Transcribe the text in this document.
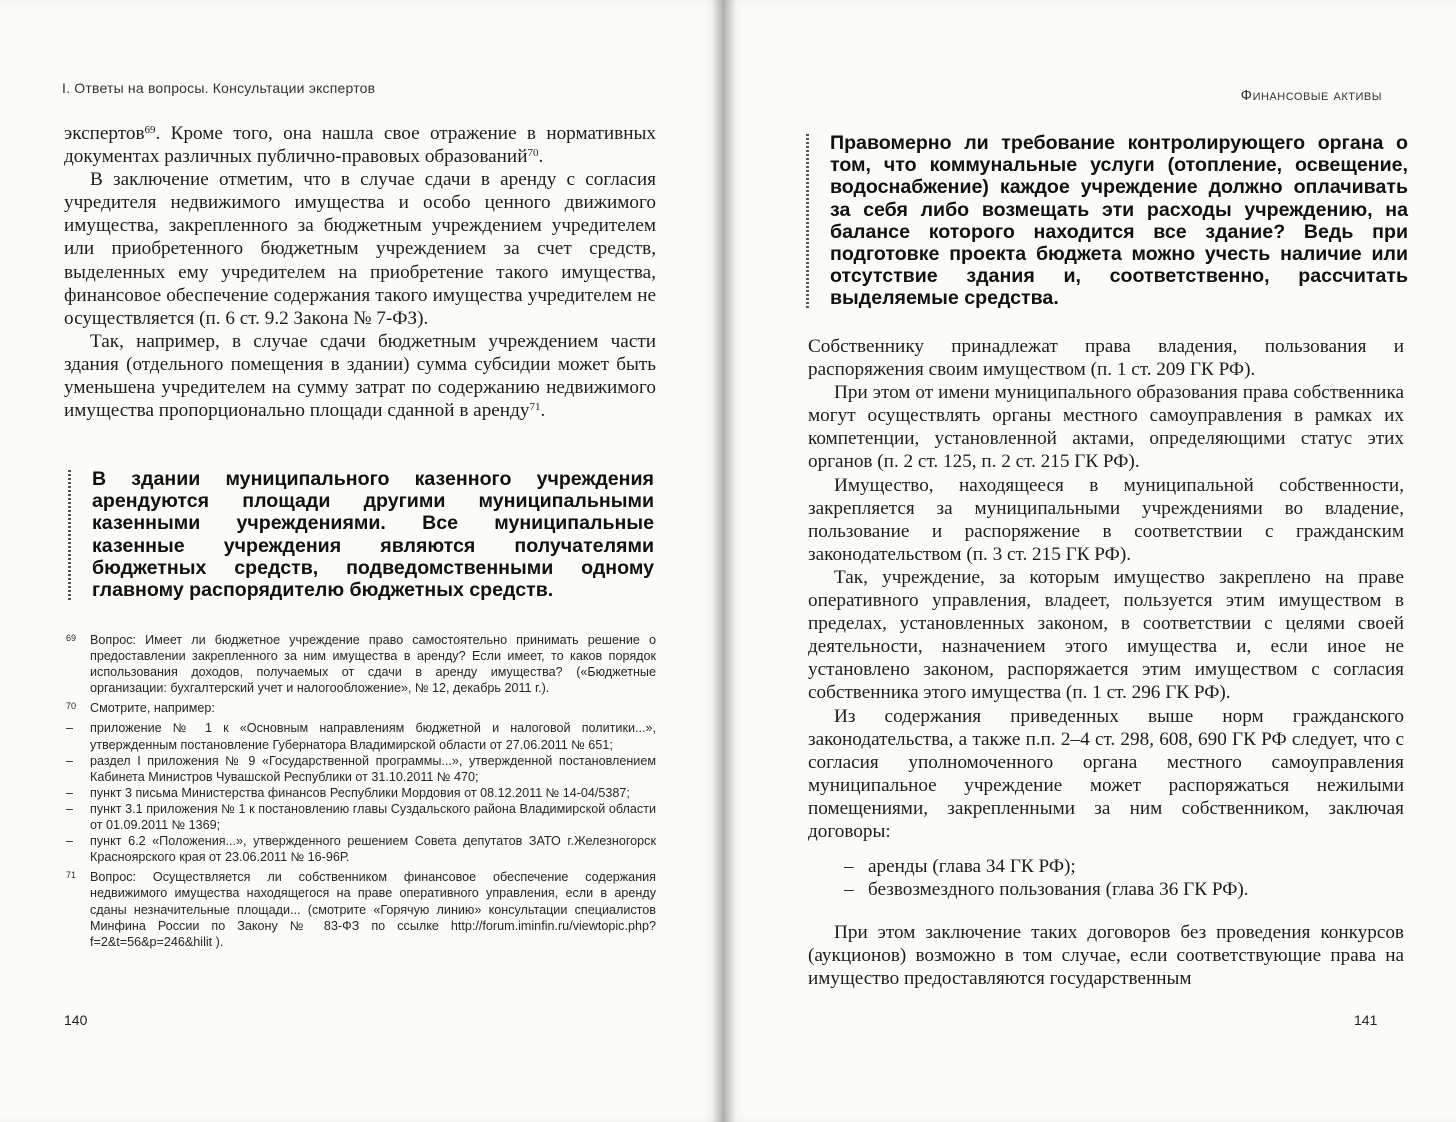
I. Ответы на вопросы. Консультации экспертов

экспертов$^{69}$. Кроме того, она нашла свое отражение в нормативных документах различных публично-правовых образований$^{70}$.

В заключение отметим, что в случае сдачи в аренду с согласия учредителя недвижимого имущества и особо ценного движимого имущества, закрепленного за бюджетным учреждением учредителем или приобретенного бюджетным учреждением за счет средств, выделенных ему учредителем на приобретение такого имущества, финансовое обеспечение содержания такого имущества учредителем не осуществляется (п. 6 ст. 9.2 Закона № 7-ФЗ).

Так, например, в случае сдачи бюджетным учреждением части здания (отдельного помещения в здании) сумма субсидии может быть уменьшена учредителем на сумму затрат по содержанию недвижимого имущества пропорционально площади сданной в аренду$^{71}$.

В здании муниципального казенного учреждения арендуются площади другими муниципальными казенными учреждениями. Все муниципальные казенные учреждения являются получателями бюджетных средств, подведомственными одному главному распорядителю бюджетных средств.
69 Вопрос: Имеет ли бюджетное учреждение право самостоятельно принимать решение о предоставлении закрепленного за ним имущества в аренду? Если имеет, то каков порядок использования доходов, получаемых от сдачи в аренду имущества? («Бюджетные организации: бухгалтерский учет и налогообложение», № 12, декабрь 2011 г.).
70 Смотрите, например:
– приложение № 1 к «Основным направлениям бюджетной и налоговой политики...», утвержденным постановление Губернатора Владимирской области от 27.06.2011 № 651;
– раздел I приложения № 9 «Государственной программы...», утвержденной постановлением Кабинета Министров Чувашской Республики от 31.10.2011 № 470;
– пункт 3 письма Министерства финансов Республики Мордовия от 08.12.2011 № 14-04/5387;
– пункт 3.1 приложения № 1 к постановлению главы Суздальского района Владимирской области от 01.09.2011 № 1369;
– пункт 6.2 «Положения...», утвержденного решением Совета депутатов ЗАТО г.Железногорск Красноярского края от 23.06.2011 № 16-96Р.
71 Вопрос: Осуществляется ли собственником финансовое обеспечение содержания недвижимого имущества находящегося на праве оперативного управления, если в аренду сданы незначительные площади... (смотрите «Горячую линию» консультации специалистов Минфина России по Закону № 83-ФЗ по ссылке http://forum.iminfin.ru/viewtopic.php?f=2&t=56&p=246&hilit ).
140
Финансовые активы
Правомерно ли требование контролирующего органа о том, что коммунальные услуги (отопление, освещение, водоснабжение) каждое учреждение должно оплачивать за себя либо возмещать эти расходы учреждению, на балансе которого находится все здание? Ведь при подготовке проекта бюджета можно учесть наличие или отсутствие здания и, соответственно, рассчитать выделяемые средства.

Собственнику принадлежат права владения, пользования и распоряжения своим имуществом (п. 1 ст. 209 ГК РФ).

При этом от имени муниципального образования права собственника могут осуществлять органы местного самоуправления в рамках их компетенции, установленной актами, определяющими статус этих органов (п. 2 ст. 125, п. 2 ст. 215 ГК РФ).

Имущество, находящееся в муниципальной собственности, закрепляется за муниципальными учреждениями во владение, пользование и распоряжение в соответствии с гражданским законодательством (п. 3 ст. 215 ГК РФ).

Так, учреждение, за которым имущество закреплено на праве оперативного управления, владеет, пользуется этим имуществом в пределах, установленных законом, в соответствии с целями своей деятельности, назначением этого имущества и, если иное не установлено законом, распоряжается этим имуществом с согласия собственника этого имущества (п. 1 ст. 296 ГК РФ).

Из содержания приведенных выше норм гражданского законодательства, а также п.п. 2–4 ст. 298, 608, 690 ГК РФ следует, что с согласия уполномоченного органа местного самоуправления муниципальное учреждение может распоряжаться нежилыми помещениями, закрепленными за ним собственником, заключая договоры:

– аренды (глава 34 ГК РФ);
– безвозмездного пользования (глава 36 ГК РФ).

При этом заключение таких договоров без проведения конкурсов (аукционов) возможно в том случае, если соответствующие права на имущество предоставляются государственным

141
